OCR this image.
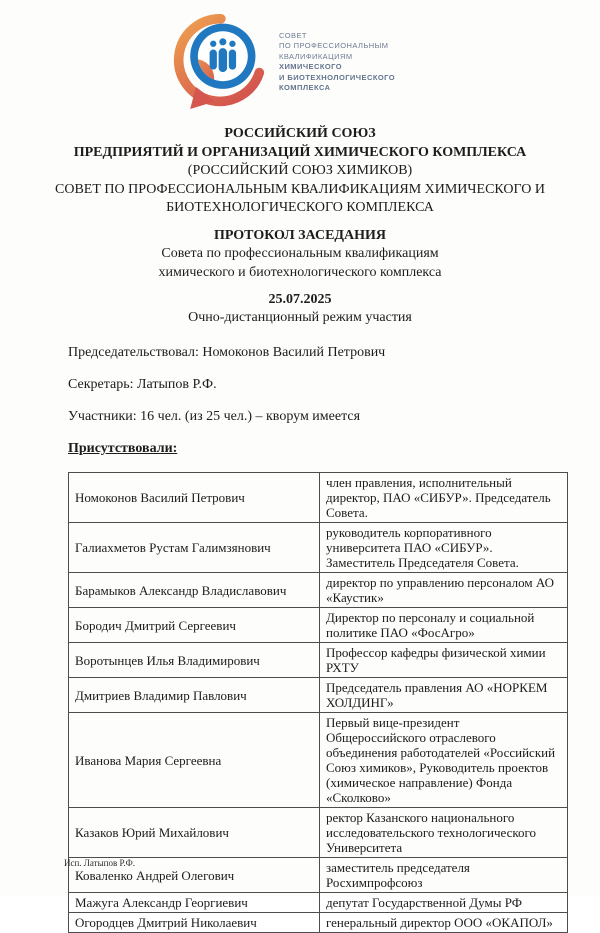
СОВЕТ
ПО ПРОФЕССИОНАЛЬНЫМ
КВАЛИФИКАЦИЯМ
ХИМИЧЕСКОГО
И БИОТЕХНОЛОГИЧЕСКОГО
КОМПЛЕКСА
РОССИЙСКИЙ СОЮЗ
ПРЕДПРИЯТИЙ И ОРГАНИЗАЦИЙ ХИМИЧЕСКОГО КОМПЛЕКСА
(РОССИЙСКИЙ СОЮЗ ХИМИКОВ)
СОВЕТ ПО ПРОФЕССИОНАЛЬНЫМ КВАЛИФИКАЦИЯМ ХИМИЧЕСКОГО И
БИОТЕХНОЛОГИЧЕСКОГО КОМПЛЕКСА
ПРОТОКОЛ ЗАСЕДАНИЯ
Совета по профессиональным квалификациям
химического и биотехнологического комплекса
25.07.2025
Очно-дистанционный режим участия

Председательствовал: Номоконов Василий Петрович

Секретарь: Латыпов Р.Ф.

Участники: 16 чел. (из 25 чел.) – кворум имеется

Присутствовали:

Номоконов Василий Петрович	член правления, исполнительный директор, ПАО «СИБУР». Председатель Совета.
Галиахметов Рустам Галимзянович	руководитель корпоративного университета ПАО «СИБУР». Заместитель Председателя Совета.
Барамыков Александр Владиславович	директор по управлению персоналом АО «Каустик»
Бородич Дмитрий Сергеевич	Директор по персоналу и социальной политике ПАО «ФосАгро»
Воротынцев Илья Владимирович	Профессор кафедры физической химии РХТУ
Дмитриев Владимир Павлович	Председатель правления АО «НОРКЕМ ХОЛДИНГ»
Иванова Мария Сергеевна	Первый вице-президент Общероссийского отраслевого объединения работодателей «Российский Союз химиков», Руководитель проектов (химическое направление) Фонда «Сколково»
Казаков Юрий Михайлович	ректор Казанского национального исследовательского технологического Университета
Коваленко Андрей Олегович	заместитель председателя Росхимпрофсоюз
Мажуга Александр Георгиевич	депутат Государственной Думы РФ
Огородцев Дмитрий Николаевич	генеральный директор ООО «ОКАПОЛ»
Исп. Латыпов Р.Ф.
